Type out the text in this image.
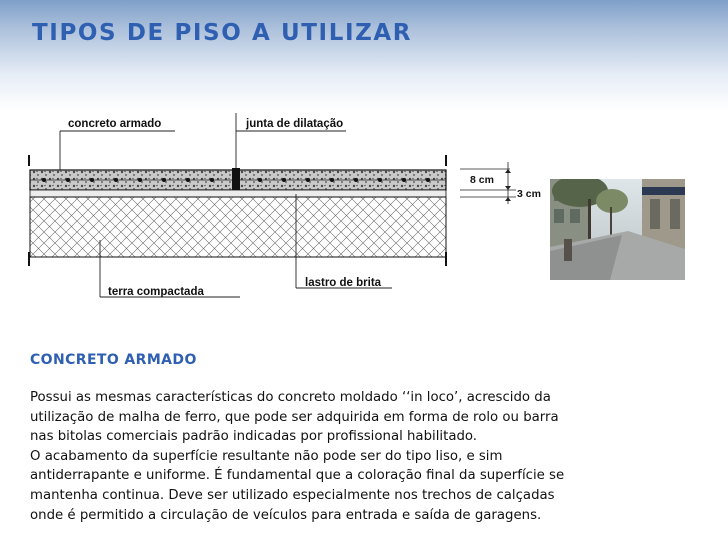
TIPOS DE PISO A UTILIZAR
concreto armado	junta de dilatação
terra compactada
lastro de brita
8 cm
3 cm
CONCRETO ARMADO

Possui as mesmas características do concreto moldado ‘‘in loco’, acrescido da
utilização de malha de ferro, que pode ser adquirida em forma de rolo ou barra
nas bitolas comerciais padrão indicadas por profissional habilitado.
O acabamento da superfície resultante não pode ser do tipo liso, e sim
antiderrapante e uniforme. É fundamental que a coloração final da superfície se
mantenha continua. Deve ser utilizado especialmente nos trechos de calçadas
onde é permitido a circulação de veículos para entrada e saída de garagens.
